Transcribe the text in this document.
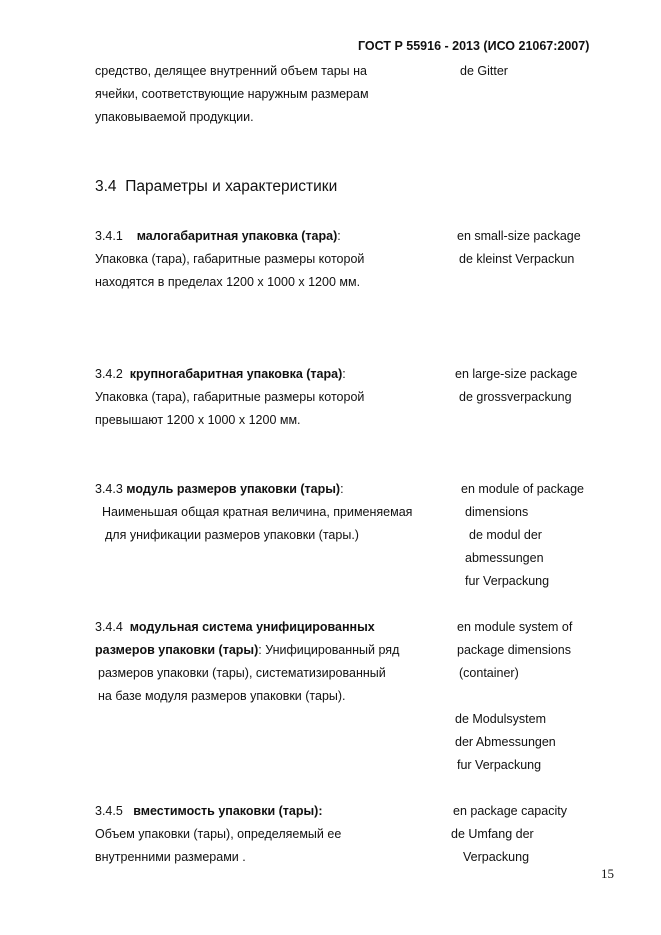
ГОСТ Р 55916 - 2013 (ИСО 21067:2007)
средство, делящее внутренний объем тары на
ячейки, соответствующие наружным размерам
упаковываемой продукции.
de Gitter
3.4 Параметры и характеристики
3.4.1 малогабаритная упаковка (тара):
Упаковка (тара), габаритные размеры которой
находятся в пределах 1200 х 1000 х 1200 мм.
en small-size package
de kleinst Verpackun
3.4.2 крупногабаритная упаковка (тара):
Упаковка (тара), габаритные размеры которой
превышают 1200 х 1000 х 1200 мм.
en large-size package
de grossverpackung
3.4.3 модуль размеров упаковки (тары):
Наименьшая общая кратная величина, применяемая
для унификации размеров упаковки (тары.)
en module of package
dimensions
de modul der
abmessungen
fur Verpackung
3.4.4 модульная система унифицированных
размеров упаковки (тары): Унифицированный ряд
размеров упаковки (тары), систематизированный
на базе модуля размеров упаковки (тары).
en module system of
package dimensions
(container)
de Modulsystem
der Abmessungen
fur Verpackung
3.4.5 вместимость упаковки (тары):
Объем упаковки (тары), определяемый ее
внутренними размерами .
en package capacity
de Umfang der
Verpackung
15
